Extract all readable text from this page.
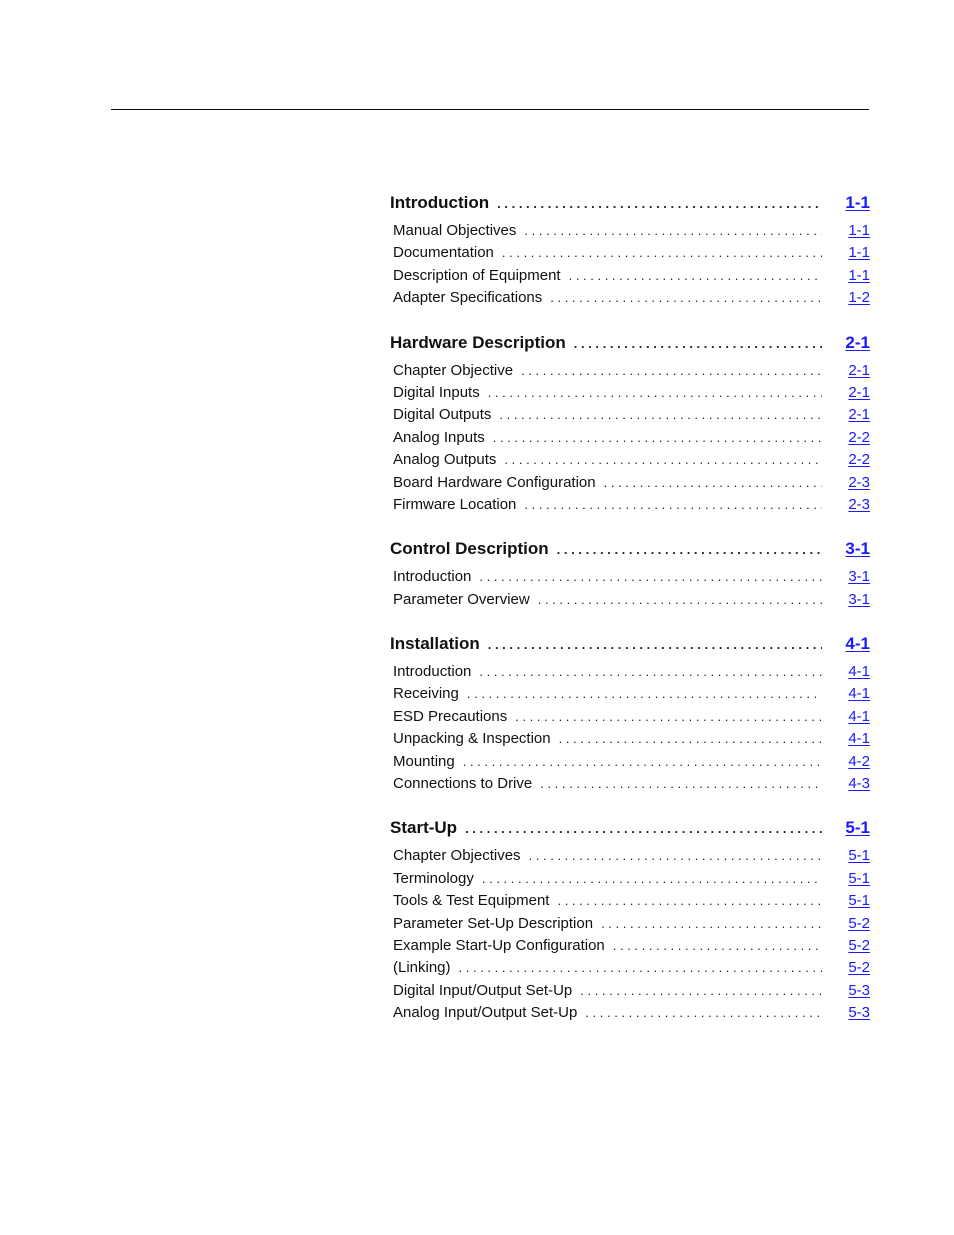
Introduction . . .	1-1
Manual Objectives . . .	1-1
Documentation . . .	1-1
Description of Equipment . . .	1-1
Adapter Specifications . . .	1-2
Hardware Description . . .	2-1
Chapter Objective . . .	2-1
Digital Inputs . . .	2-1
Digital Outputs . . .	2-1
Analog Inputs . . .	2-2
Analog Outputs . . .	2-2
Board Hardware Configuration . . .	2-3
Firmware Location . . .	2-3
Control Description . . .	3-1
Introduction . . .	3-1
Parameter Overview . . .	3-1
Installation . . .	4-1
Introduction . . .	4-1
Receiving . . .	4-1
ESD Precautions . . .	4-1
Unpacking & Inspection . . .	4-1
Mounting . . .	4-2
Connections to Drive . . .	4-3
Start-Up . . .	5-1
Chapter Objectives . . .	5-1
Terminology . . .	5-1
Tools & Test Equipment . . .	5-1
Parameter Set-Up Description . . .	5-2
Example Start-Up Configuration . . .	5-2
(Linking) . . .	5-2
Digital Input/Output Set-Up . . .	5-3
Analog Input/Output Set-Up . . .	5-3
